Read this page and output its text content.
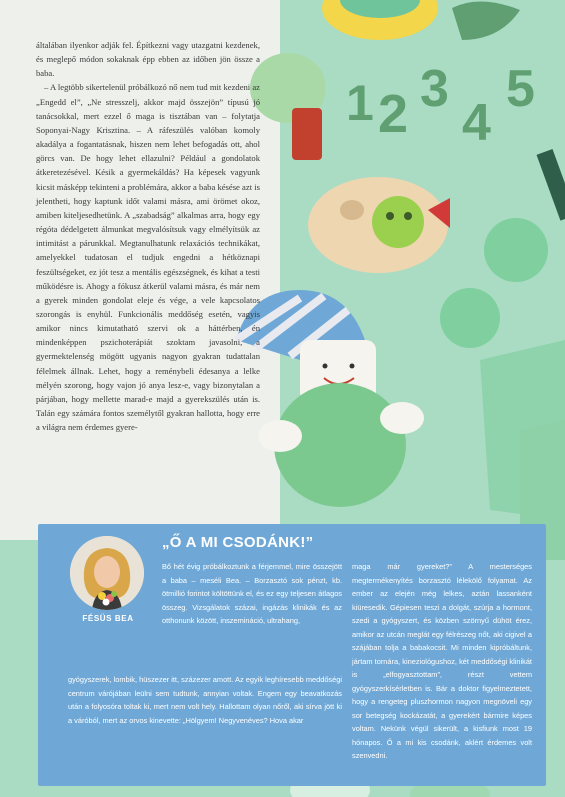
1 2 3
4
5

általában ilyenkor adják fel. Építkezni vagy utazgatni kezdenek, és meglepő módon sokaknak épp ebben az időben jön össze a baba.

– A legtöbb sikertelenül próbálkozó nő nem tud mit kezdeni az „Engedd el”, „Ne stresszelj, akkor majd összejön” típusú jó tanácsokkal, mert ezzel ő maga is tisztában van – folytatja Soponyai-Nagy Krisztina. – A ráfeszülés valóban komoly akadálya a fogantatásnak, hiszen nem lehet befogadás ott, ahol görcs van. De hogy lehet ellazulni? Például a gondolatok átkeretezésével. Késik a gyermekáldás? Ha képesek vagyunk kicsit másképp tekinteni a problémára, akkor a baba késése azt is jelentheti, hogy kaptunk időt valami másra, ami örömet okoz, amiben kiteljesedhetünk. A „szabadság” alkalmas arra, hogy egy régóta dédelgetett álmunkat megvalósítsuk vagy elmélyítsük az intimitást a párunkkal. Megtanulhatunk relaxációs technikákat, amelyekkel tudatosan el tudjuk engedni a hétköznapi feszültségeket, ez jót tesz a mentális egészségnek, és kihat a testi működésre is. Ahogy a fókusz átkerül valami másra, és már nem a gyerek minden gondolat eleje és vége, a vele kapcsolatos szorongás is enyhül. Funkcionális meddőség esetén, vagyis amikor nincs kimutatható szervi ok a háttérben, én mindenképpen pszichoterápiát szoktam javasolni, a gyermektelenség mögött ugyanis nagyon gyakran tudattalan félelmek állnak. Lehet, hogy a reménybeli édesanya a lelke mélyén szorong, hogy vajon jó anya lesz-e, vagy bizonytalan a párjában, hogy mellette marad-e majd a gyerekszülés után is. Talán egy számára fontos személytől gyakran hallotta, hogy erre a világra nem érdemes gyere-

FÉSÜS BEA
„Ő A MI CSODÁNK!”

Bő hét évig próbálkoztunk a férjemmel, mire összejött a baba – meséli Bea. – Borzasztó sok pénzt, kb. ötmillió forintot költöttünk el, és ez egy teljesen átlagos összeg. Vizsgálatok százai, ingázás klinikák és az otthonunk között, inszemináció, ultrahang,

gyógyszerek, lombik, hüszezer itt, százezer amott. Az egyik leghíresebb meddőségi centrum várójában leülni sem tudtunk, annyian voltak. Engem egy beavatkozás után a folyosóra toltak ki, mert nem volt hely. Hallottam olyan nőről, aki sírva jött ki a váróból, mert az orvos kinevette: „Hölgyem! Negyvenéves? Hova akar

maga már gyereket?” A mesterséges megtermékenyítés borzasztó lélekölő folyamat. Az ember az elején még lelkes, aztán lassanként kiüresedik. Gépiesen teszi a dolgát, szúrja a hormont, szedi a gyógyszert, és közben szörnyű dühöt érez, amikor az utcán meglát egy félrészeg nőt, aki cigivel a szájában tolja a babakocsit. Mi minden kipróbáltunk, jártam tornára, kineziológushoz, két meddőségi klinikát is „elfogyasztottam”, részt vettem gyógyszerkísérletben is. Bár a doktor figyelmeztetett, hogy a rengeteg pluszhormon nagyon megnöveli egy sor betegség kockázatát, a gyerekért bármire képes voltam. Nekünk végül sikerült, a kisfiunk most 19 hónapos. Ő a mi kis csodánk, aklért érdemes volt szenvedni.
